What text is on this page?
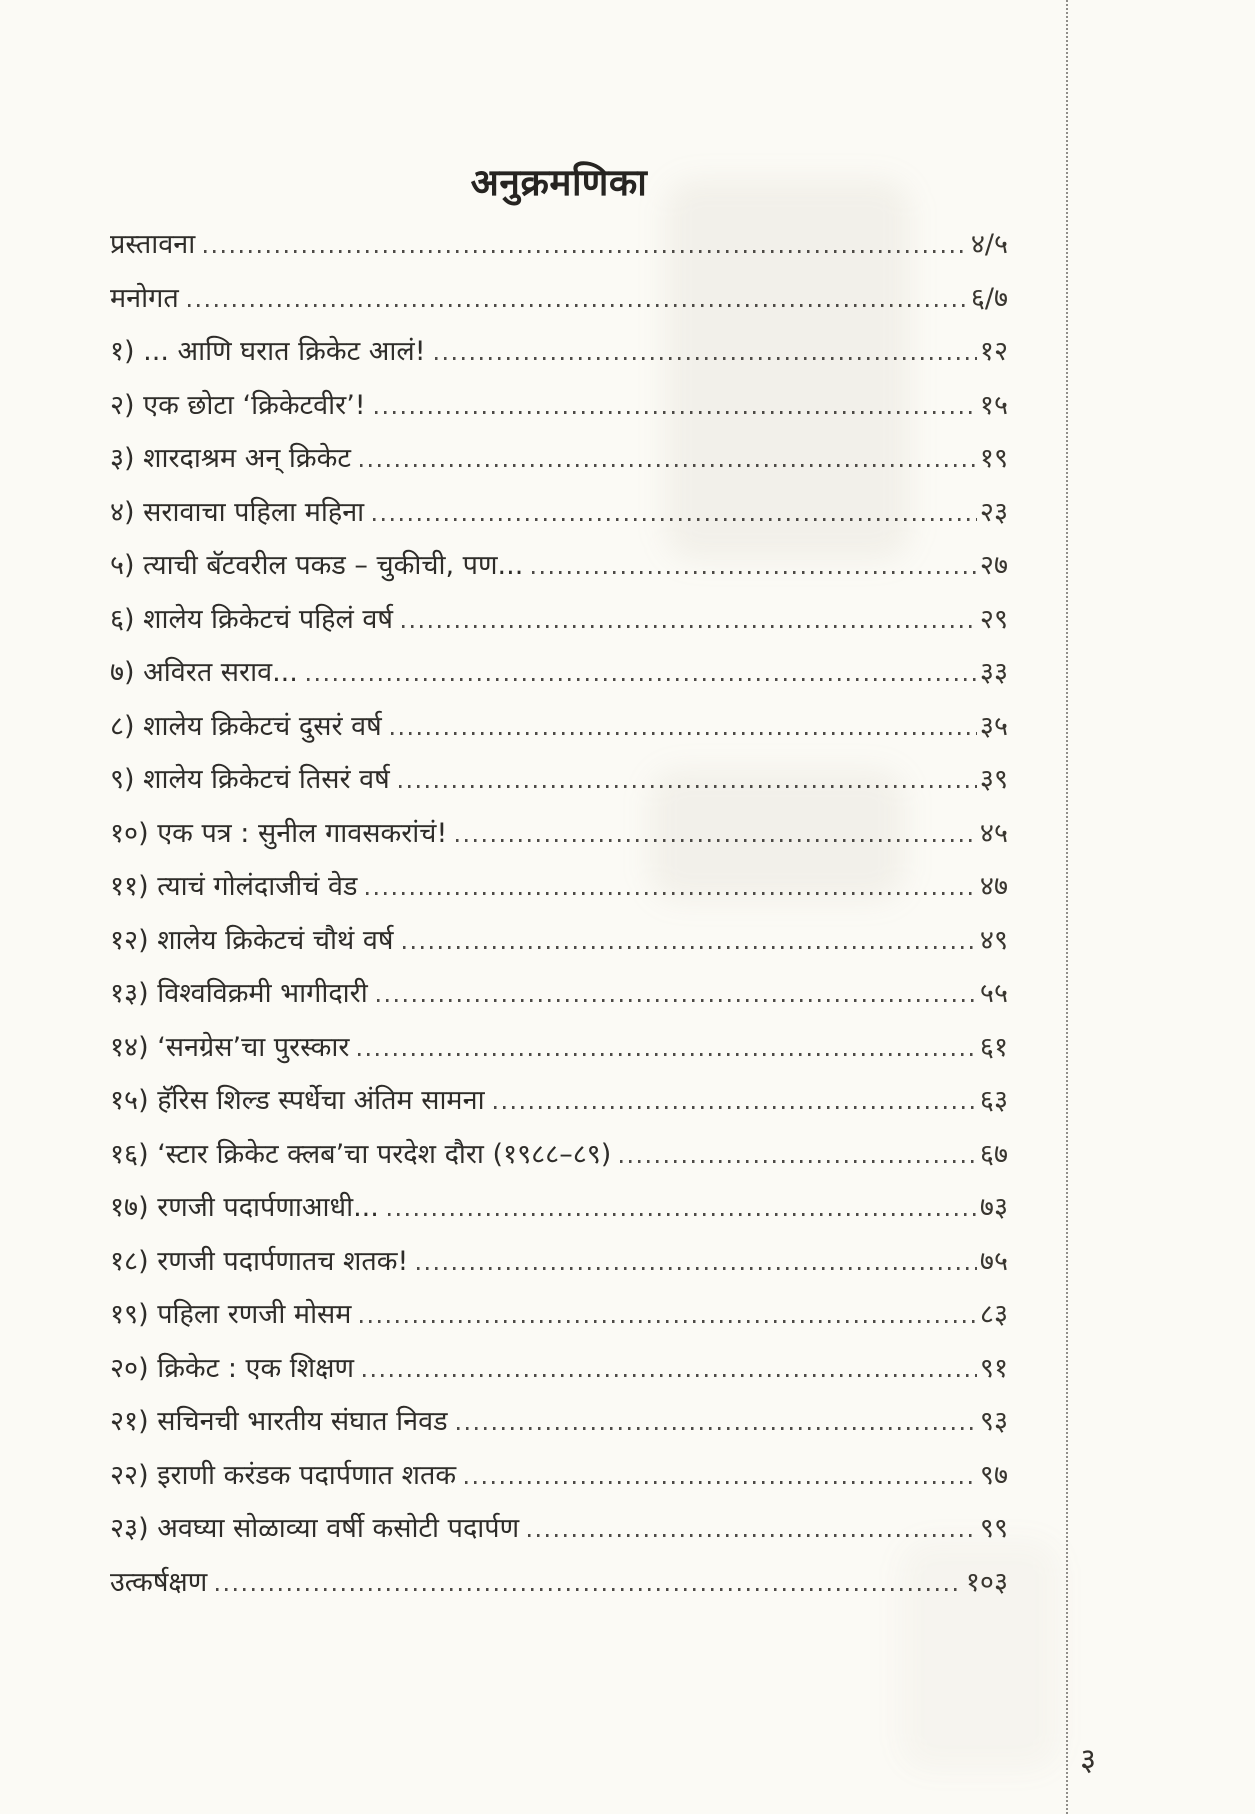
अनुक्रमणिका
प्रस्तावना	४/५
मनोगत	६/७
१) ... आणि घरात क्रिकेट आलं!	१२
२) एक छोटा ‘क्रिकेटवीर’!	१५
३) शारदाश्रम अन् क्रिकेट	१९
४) सरावाचा पहिला महिना	२३
५) त्याची बॅटवरील पकड – चुकीची, पण...	२७
६) शालेय क्रिकेटचं पहिलं वर्ष	२९
७) अविरत सराव...	३३
८) शालेय क्रिकेटचं दुसरं वर्ष	३५
९) शालेय क्रिकेटचं तिसरं वर्ष	३९
१०) एक पत्र : सुनील गावसकरांचं!	४५
११) त्याचं गोलंदाजीचं वेड	४७
१२) शालेय क्रिकेटचं चौथं वर्ष	४९
१३) विश्वविक्रमी भागीदारी	५५
१४) ‘सनग्रेस’चा पुरस्कार	६१
१५) हॅरिस शिल्ड स्पर्धेचा अंतिम सामना	६३
१६) ‘स्टार क्रिकेट क्लब’चा परदेश दौरा (१९८८–८९)	६७
१७) रणजी पदार्पणाआधी...	७३
१८) रणजी पदार्पणातच शतक!	७५
१९) पहिला रणजी मोसम	८३
२०) क्रिकेट : एक शिक्षण	९१
२१) सचिनची भारतीय संघात निवड	९३
२२) इराणी करंडक पदार्पणात शतक	९७
२३) अवघ्या सोळाव्या वर्षी कसोटी पदार्पण	९९
उत्कर्षक्षण	१०३
३
